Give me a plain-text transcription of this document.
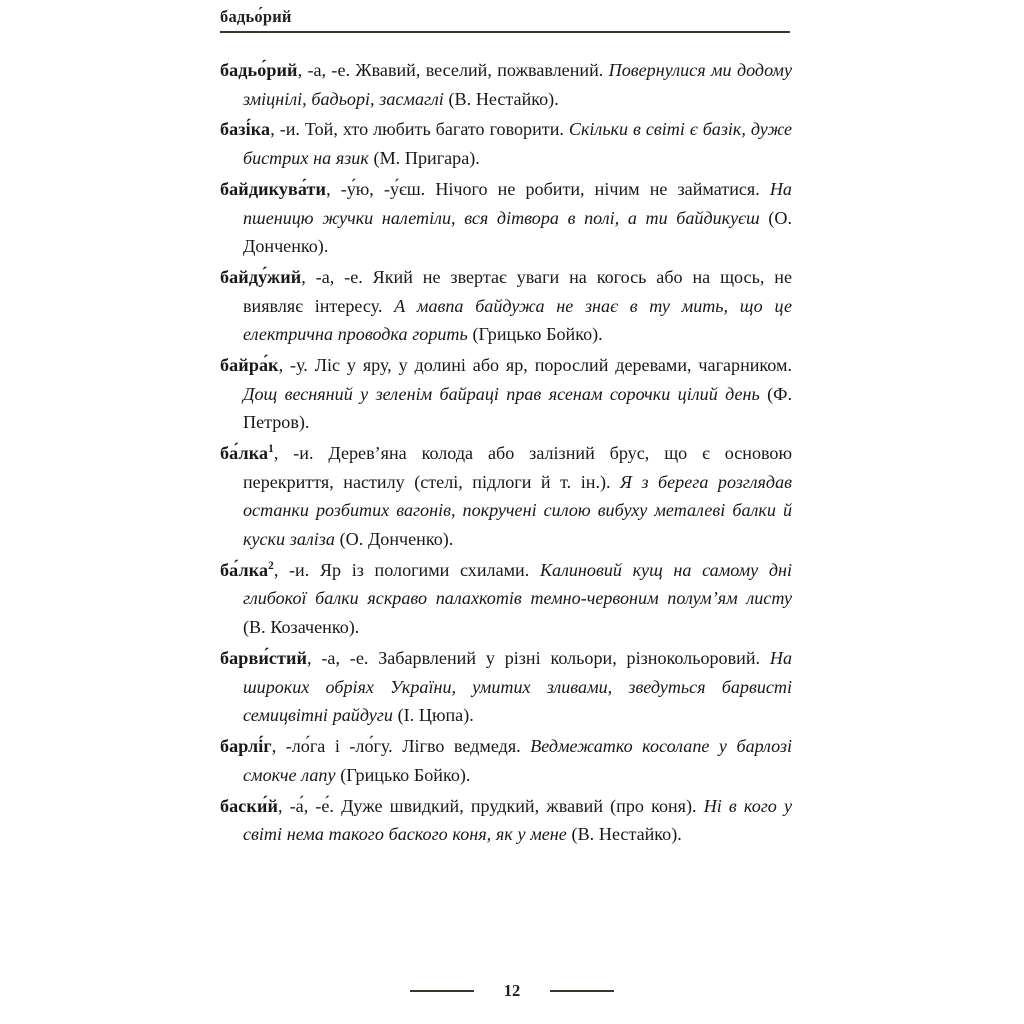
бадьо́рий

бадьо́рий, -а, -е. Жвавий, веселий, пожвавлений. Повернулися ми додому зміцнілі, бадьорі, засмаглі (В. Нестайко).

базі́ка, -и. Той, хто любить багато говорити. Скільки в світі є базік, дуже бистрих на язик (М. Пригара).

байдикува́ти, -у́ю, -у́єш. Нічого не робити, нічим не займатися. На пшеницю жучки налетіли, вся дітвора в полі, а ти байдикуєш (О. Донченко).

байду́жий, -а, -е. Який не звертає уваги на когось або на щось, не виявляє інтересу. А мавпа байдужа не знає в ту мить, що це електрична проводка горить (Грицько Бойко).

байра́к, -у. Ліс у яру, у долині або яр, порослий деревами, чагарником. Дощ весняний у зеленім байраці прав ясенам сорочки цілий день (Ф. Петров).

ба́лка$^1$, -и. Дерев’яна колода або залізний брус, що є основою перекриття, настилу (стелі, підлоги й т. ін.). Я з берега розглядав останки розбитих вагонів, покручені силою вибуху металеві балки й куски заліза (О. Донченко).

ба́лка$^2$, -и. Яр із пологими схилами. Калиновий кущ на самому дні глибокої балки яскраво палахкотів темно-червоним полум’ям листу (В. Козаченко).

барви́стий, -а, -е. Забарвлений у різні кольори, різнокольоровий. На широких обріях України, умитих зливами, зведуться барвисті семицвітні райдуги (І. Цюпа).

барлі́г, -ло́га і -ло́гу. Лігво ведмедя. Ведмежатко косолапе у барлозі смокче лапу (Грицько Бойко).

баски́й, -а́, -е́. Дуже швидкий, прудкий, жвавий (про коня). Ні в кого у світі нема такого баского коня, як у мене (В. Нестайко).

12
